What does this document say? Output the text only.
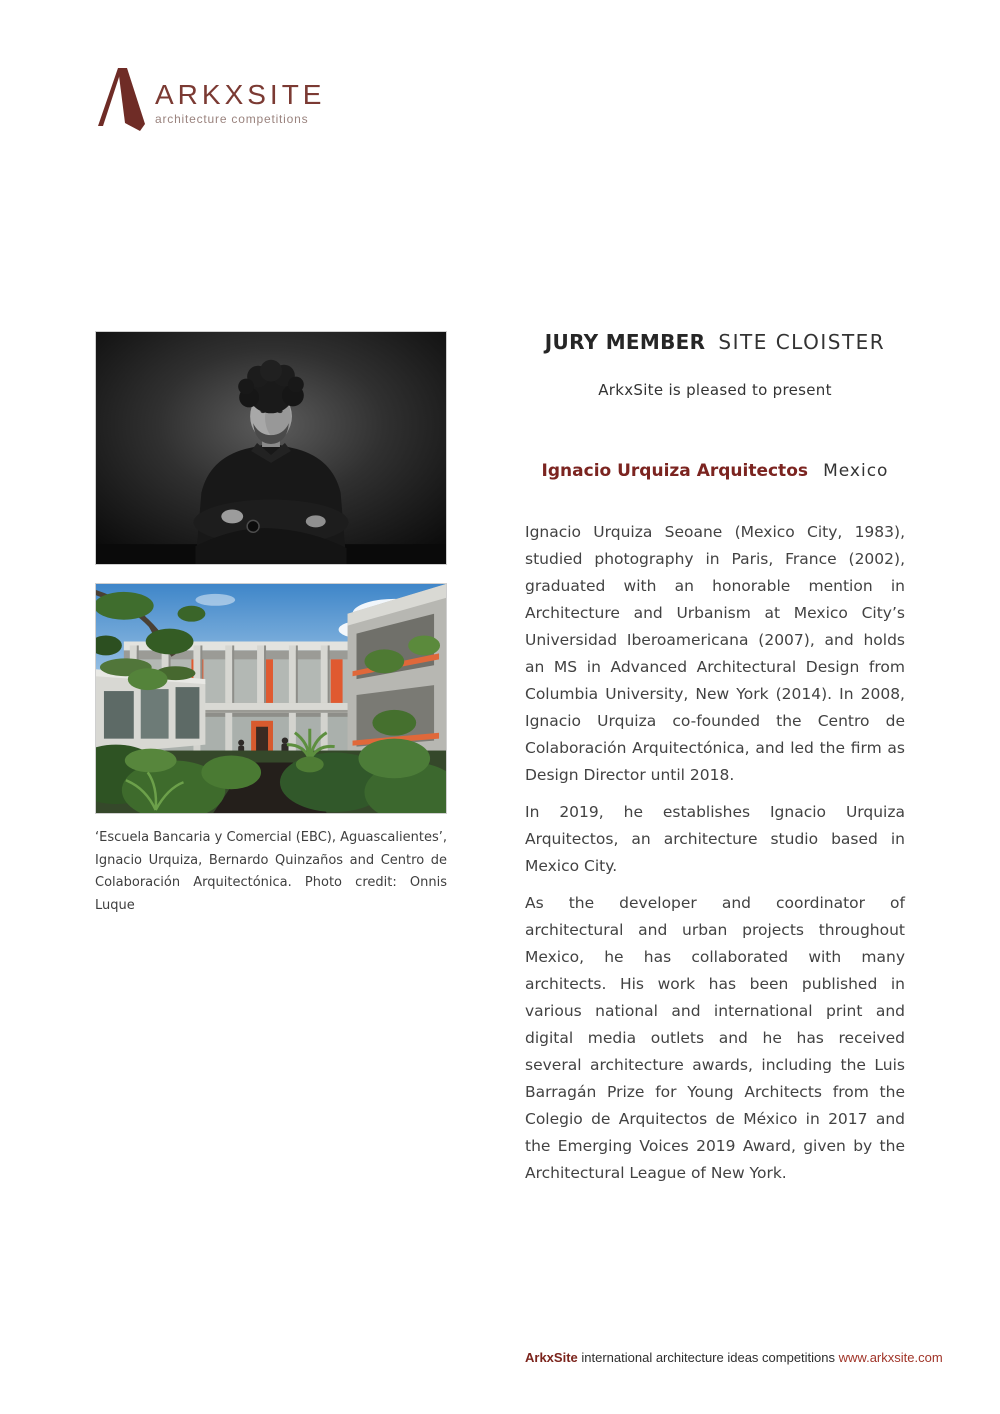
ARKXSITE
architecture competitions
‘Escuela Bancaria y Comercial (EBC), Aguascalientes’, Ignacio Urquiza, Bernardo Quinzaños and Centro de Colaboración Arquitectónica. Photo credit: Onnis Luque
JURY MEMBER SITE CLOISTER
ArkxSite is pleased to present
Ignacio Urquiza Arquitectos Mexico

Ignacio Urquiza Seoane (Mexico City, 1983), studied photography in Paris, France (2002), graduated with an honorable mention in Architecture and Urbanism at Mexico City’s Universidad Iberoamericana (2007), and holds an MS in Advanced Architectural Design from Columbia University, New York (2014). In 2008, Ignacio Urquiza co-founded the Centro de Colaboración Arquitectónica, and led the firm as Design Director until 2018.

In 2019, he establishes Ignacio Urquiza Arquitectos, an architecture studio based in Mexico City.

As the developer and coordinator of architectural and urban projects throughout Mexico, he has collaborated with many architects. His work has been published in various national and international print and digital media outlets and he has received several architecture awards, including the Luis Barragán Prize for Young Architects from the Colegio de Arquitectos de México in 2017 and the Emerging Voices 2019 Award, given by the Architectural League of New York.

ArkxSite international architecture ideas competitions www.arkxsite.com
